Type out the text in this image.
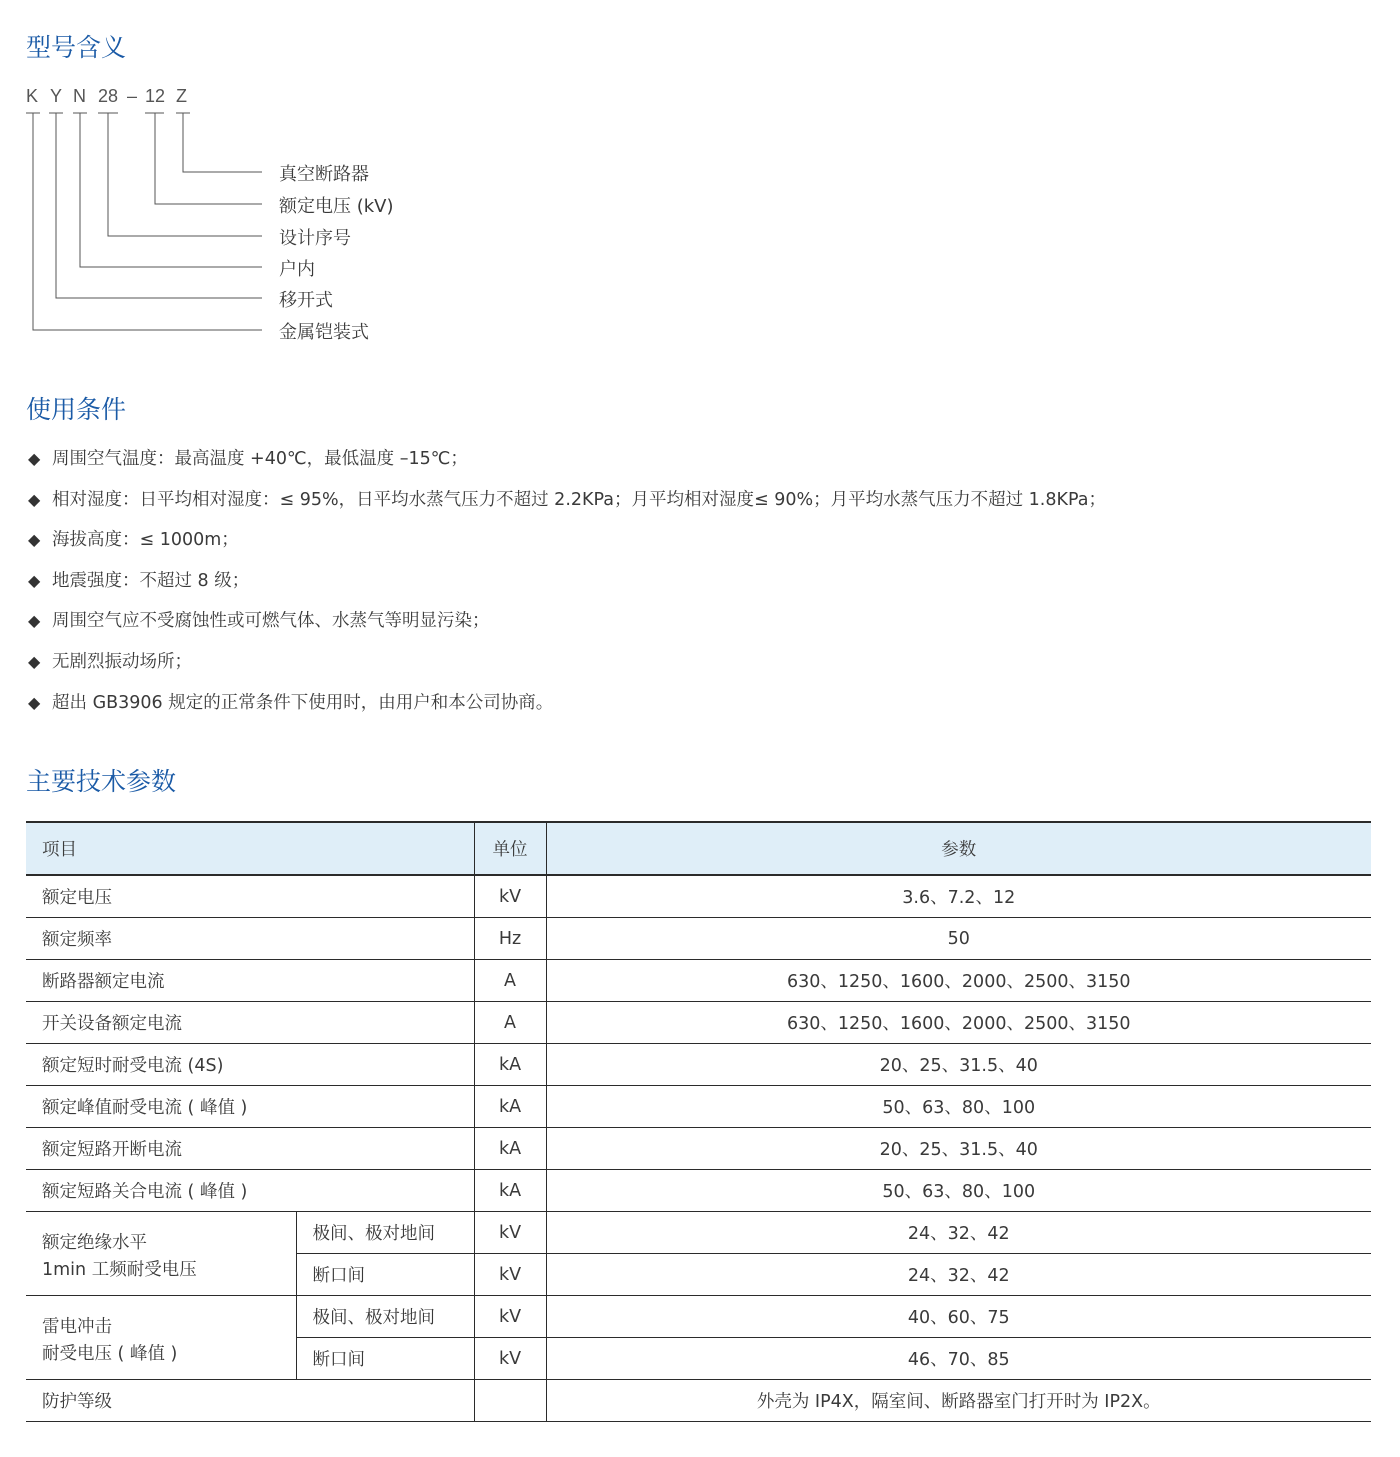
型号含义
K Y N 28 – 12 Z
真空断路器
额定电压 (kV)
设计序号
户内
移开式
金属铠装式
使用条件
◆ 周围空气温度：最高温度 +40℃，最低温度 –15℃；
◆ 相对湿度：日平均相对湿度：≤ 95%，日平均水蒸气压力不超过 2.2KPa；月平均相对湿度≤ 90%；月平均水蒸气压力不超过 1.8KPa；
◆ 海拔高度：≤ 1000m；
◆ 地震强度：不超过 8 级；
◆ 周围空气应不受腐蚀性或可燃气体、水蒸气等明显污染；
◆ 无剧烈振动场所；
◆ 超出 GB3906 规定的正常条件下使用时，由用户和本公司协商。
主要技术参数
项目		单位	参数
额定电压		kV	3.6、7.2、12
额定频率		Hz	50
断路器额定电流		A	630、1250、1600、2000、2500、3150
开关设备额定电流		A	630、1250、1600、2000、2500、3150
额定短时耐受电流 (4S)		kA	20、25、31.5、40
额定峰值耐受电流 ( 峰值 )		kA	50、63、80、100
额定短路开断电流		kA	20、25、31.5、40
额定短路关合电流 ( 峰值 )		kA	50、63、80、100

额定绝缘水平
1min 工频耐受电压	极间、极对地间	kV	24、32、42
	断口间	kV	24、32、42

雷电冲击
耐受电压 ( 峰值 )	极间、极对地间	kV	40、60、75
	断口间	kV	46、70、85
防护等级			外壳为 IP4X，隔室间、断路器室门打开时为 IP2X。
